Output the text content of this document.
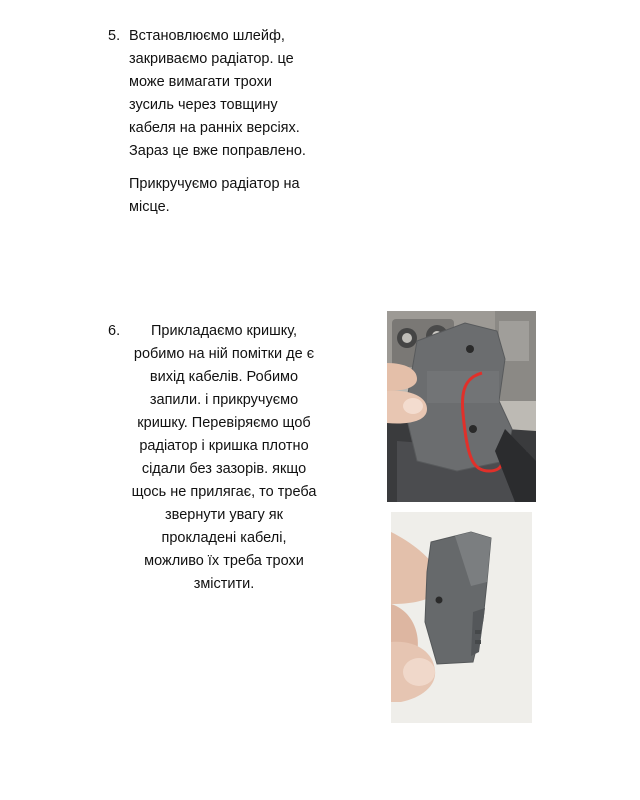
5. Встановлюємо шлейф,
закриваємо радіатор. це
може вимагати трохи
зусиль через товщину
кабеля на ранніх версіях.
Зараз це вже поправлено.

Прикручуємо радіатор на
місце.

6.	Прикладаємо кришку,
робимо на ній помітки де є
вихід кабелів. Робимо
запили. і прикручуємо
кришку. Перевіряємо щоб
радіатор і кришка плотно
сідали без зазорів. якщо
щось не прилягає, то треба
звернути увагу як
прокладені кабелі,
можливо їх треба трохи
змістити.
